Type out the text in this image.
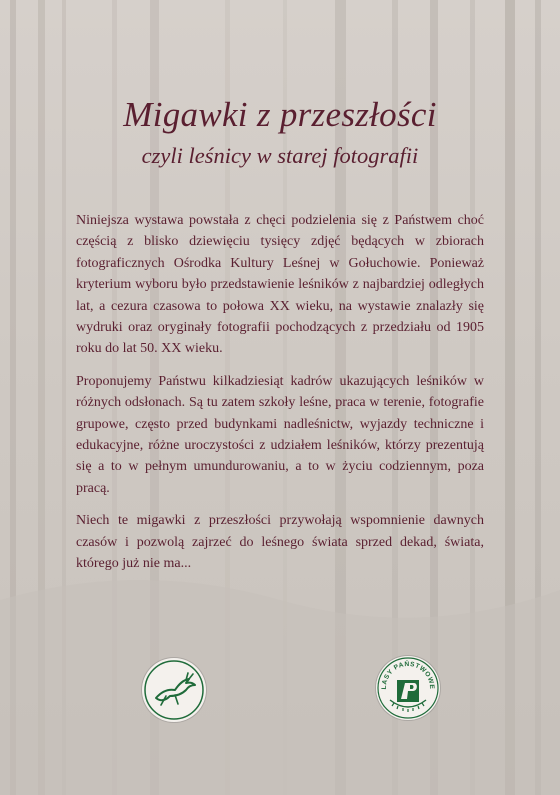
Migawki z przeszłości
czyli leśnicy w starej fotografii

Niniejsza wystawa powstała z chęci podzielenia się z Państwem choć częścią z blisko dziewięciu tysięcy zdjęć będących w zbiorach fotograficznych Ośrodka Kultury Leśnej w Gołuchowie. Ponieważ kryterium wyboru było przedstawienie leśników z najbardziej odległych lat, a cezura czasowa to połowa XX wieku, na wystawie znalazły się wydruki oraz oryginały fotografii pochodzących z przedziału od 1905 roku do lat 50. XX wieku.

Proponujemy Państwu kilkadziesiąt kadrów ukazujących leśników w różnych odsłonach. Są tu zatem szkoły leśne, praca w terenie, fotografie grupowe, często przed budynkami nadleśnictw, wyjazdy techniczne i edukacyjne, różne uroczystości z udziałem leśników, którzy prezentują się a to w pełnym umundurowaniu, a to w życiu codziennym, poza pracą.

Niech te migawki z przeszłości przywołają wspomnienie dawnych czasów i pozwolą zajrzeć do leśnego świata sprzed dekad, świata, którego już nie ma...

LASY PAŃSTWOWE
